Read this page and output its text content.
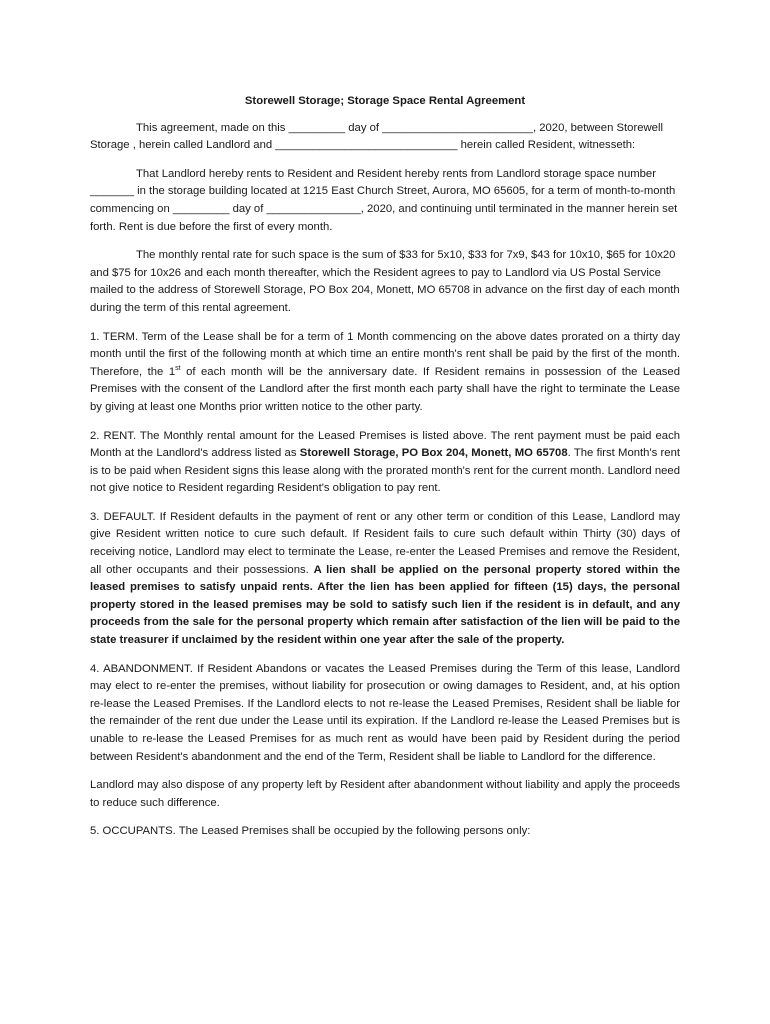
Storewell Storage; Storage Space Rental Agreement

This agreement, made on this _________ day of ________________________, 2020, between Storewell Storage , herein called Landlord and _____________________________ herein called Resident, witnesseth:

That Landlord hereby rents to Resident and Resident hereby rents from Landlord storage space number _______ in the storage building located at 1215 East Church Street, Aurora, MO 65605, for a term of month-to-month commencing on _________ day of _______________, 2020, and continuing until terminated in the manner herein set forth. Rent is due before the first of every month.

The monthly rental rate for such space is the sum of $33 for 5x10, $33 for 7x9, $43 for 10x10, $65 for 10x20 and $75 for 10x26 and each month thereafter, which the Resident agrees to pay to Landlord via US Postal Service mailed to the address of Storewell Storage, PO Box 204, Monett, MO 65708 in advance on the first day of each month during the term of this rental agreement.

1. TERM. Term of the Lease shall be for a term of 1 Month commencing on the above dates prorated on a thirty day month until the first of the following month at which time an entire month's rent shall be paid by the first of the month. Therefore, the 1st of each month will be the anniversary date. If Resident remains in possession of the Leased Premises with the consent of the Landlord after the first month each party shall have the right to terminate the Lease by giving at least one Months prior written notice to the other party.

2. RENT. The Monthly rental amount for the Leased Premises is listed above. The rent payment must be paid each Month at the Landlord's address listed as Storewell Storage, PO Box 204, Monett, MO 65708. The first Month's rent is to be paid when Resident signs this lease along with the prorated month's rent for the current month. Landlord need not give notice to Resident regarding Resident's obligation to pay rent.

3. DEFAULT. If Resident defaults in the payment of rent or any other term or condition of this Lease, Landlord may give Resident written notice to cure such default. If Resident fails to cure such default within Thirty (30) days of receiving notice, Landlord may elect to terminate the Lease, re-enter the Leased Premises and remove the Resident, all other occupants and their possessions. A lien shall be applied on the personal property stored within the leased premises to satisfy unpaid rents. After the lien has been applied for fifteen (15) days, the personal property stored in the leased premises may be sold to satisfy such lien if the resident is in default, and any proceeds from the sale for the personal property which remain after satisfaction of the lien will be paid to the state treasurer if unclaimed by the resident within one year after the sale of the property.

4. ABANDONMENT. If Resident Abandons or vacates the Leased Premises during the Term of this lease, Landlord may elect to re-enter the premises, without liability for prosecution or owing damages to Resident, and, at his option re-lease the Leased Premises. If the Landlord elects to not re-lease the Leased Premises, Resident shall be liable for the remainder of the rent due under the Lease until its expiration. If the Landlord re-lease the Leased Premises but is unable to re-lease the Leased Premises for as much rent as would have been paid by Resident during the period between Resident's abandonment and the end of the Term, Resident shall be liable to Landlord for the difference.

Landlord may also dispose of any property left by Resident after abandonment without liability and apply the proceeds to reduce such difference.

5. OCCUPANTS. The Leased Premises shall be occupied by the following persons only:
